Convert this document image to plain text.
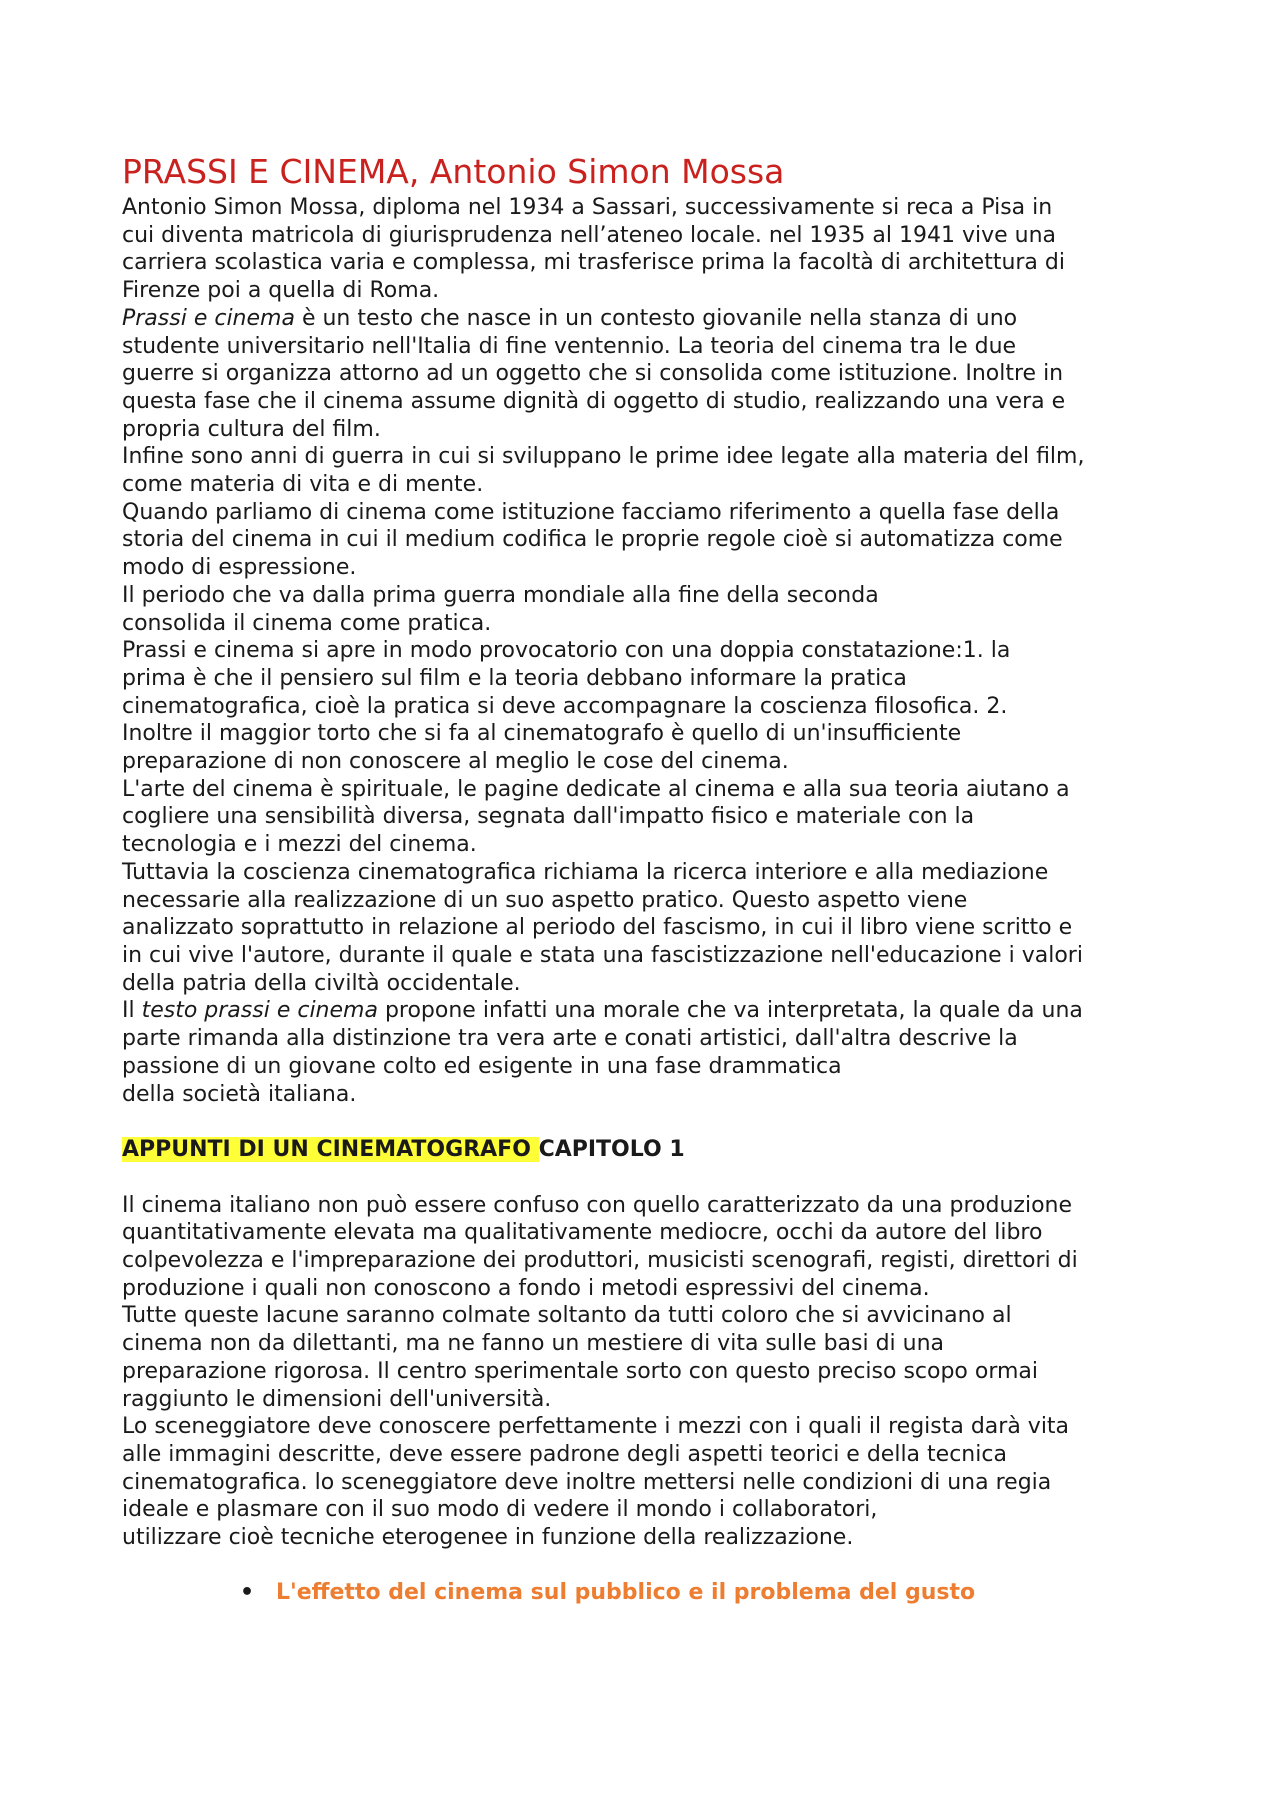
PRASSI E CINEMA, Antonio Simon Mossa

Antonio Simon Mossa, diploma nel 1934 a Sassari, successivamente si reca a Pisa in
cui diventa matricola di giurisprudenza nell’ateneo locale. nel 1935 al 1941 vive una
carriera scolastica varia e complessa, mi trasferisce prima la facoltà di architettura di
Firenze poi a quella di Roma.

Prassi e cinema è un testo che nasce in un contesto giovanile nella stanza di uno
studente universitario nell'Italia di fine ventennio. La teoria del cinema tra le due
guerre si organizza attorno ad un oggetto che si consolida come istituzione. Inoltre in
questa fase che il cinema assume dignità di oggetto di studio, realizzando una vera e
propria cultura del film.

Infine sono anni di guerra in cui si sviluppano le prime idee legate alla materia del film,
come materia di vita e di mente.

Quando parliamo di cinema come istituzione facciamo riferimento a quella fase della
storia del cinema in cui il medium codifica le proprie regole cioè si automatizza come
modo di espressione.

Il periodo che va dalla prima guerra mondiale alla fine della seconda
consolida il cinema come pratica.

Prassi e cinema si apre in modo provocatorio con una doppia constatazione:1. la
prima è che il pensiero sul film e la teoria debbano informare la pratica
cinematografica, cioè la pratica si deve accompagnare la coscienza filosofica. 2.
Inoltre il maggior torto che si fa al cinematografo è quello di un'insufficiente
preparazione di non conoscere al meglio le cose del cinema.

L'arte del cinema è spirituale, le pagine dedicate al cinema e alla sua teoria aiutano a
cogliere una sensibilità diversa, segnata dall'impatto fisico e materiale con la
tecnologia e i mezzi del cinema.

Tuttavia la coscienza cinematografica richiama la ricerca interiore e alla mediazione
necessarie alla realizzazione di un suo aspetto pratico. Questo aspetto viene
analizzato soprattutto in relazione al periodo del fascismo, in cui il libro viene scritto e
in cui vive l'autore, durante il quale e stata una fascistizzazione nell'educazione i valori
della patria della civiltà occidentale.

Il testo prassi e cinema propone infatti una morale che va interpretata, la quale da una
parte rimanda alla distinzione tra vera arte e conati artistici, dall'altra descrive la
passione di un giovane colto ed esigente in una fase drammatica
della società italiana.

APPUNTI DI UN CINEMATOGRAFO CAPITOLO 1

Il cinema italiano non può essere confuso con quello caratterizzato da una produzione
quantitativamente elevata ma qualitativamente mediocre, occhi da autore del libro
colpevolezza e l'impreparazione dei produttori, musicisti scenografi, registi, direttori di
produzione i quali non conoscono a fondo i metodi espressivi del cinema.

Tutte queste lacune saranno colmate soltanto da tutti coloro che si avvicinano al
cinema non da dilettanti, ma ne fanno un mestiere di vita sulle basi di una
preparazione rigorosa. Il centro sperimentale sorto con questo preciso scopo ormai
raggiunto le dimensioni dell'università.

Lo sceneggiatore deve conoscere perfettamente i mezzi con i quali il regista darà vita
alle immagini descritte, deve essere padrone degli aspetti teorici e della tecnica
cinematografica. lo sceneggiatore deve inoltre mettersi nelle condizioni di una regia
ideale e plasmare con il suo modo di vedere il mondo i collaboratori,
utilizzare cioè tecniche eterogenee in funzione della realizzazione.

• L'effetto del cinema sul pubblico e il problema del gusto
